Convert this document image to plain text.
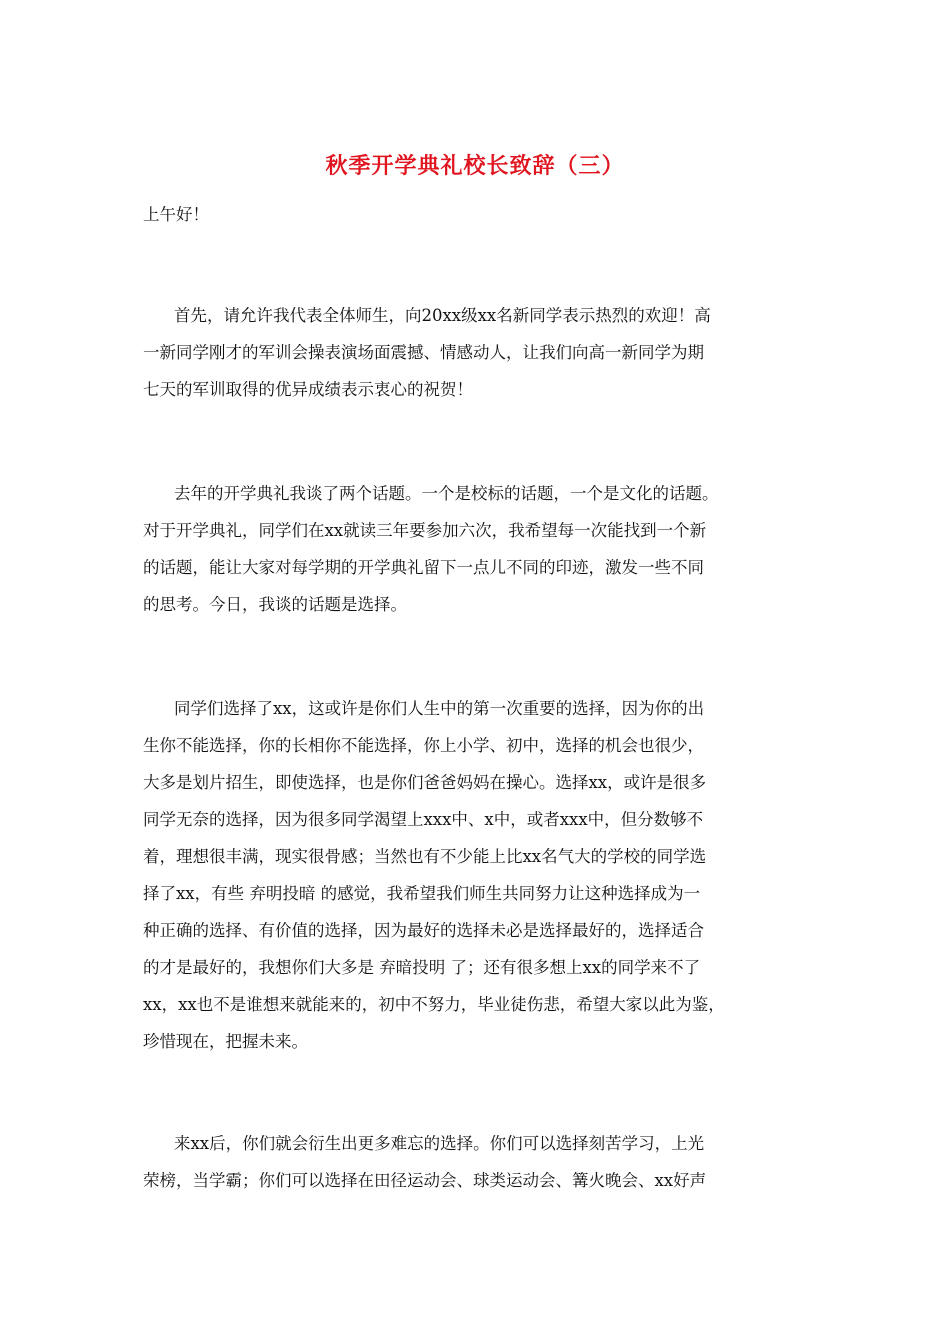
秋季开学典礼校长致辞（三）
上午好！
首先，请允许我代表全体师生，向20xx级xx名新同学表示热烈的欢迎！高
一新同学刚才的军训会操表演场面震撼、情感动人，让我们向高一新同学为期
七天的军训取得的优异成绩表示衷心的祝贺！
去年的开学典礼我谈了两个话题。一个是校标的话题，一个是文化的话题。
对于开学典礼，同学们在xx就读三年要参加六次，我希望每一次能找到一个新
的话题，能让大家对每学期的开学典礼留下一点儿不同的印迹，激发一些不同
的思考。今日，我谈的话题是选择。
同学们选择了xx，这或许是你们人生中的第一次重要的选择，因为你的出
生你不能选择，你的长相你不能选择，你上小学、初中，选择的机会也很少，
大多是划片招生，即使选择，也是你们爸爸妈妈在操心。选择xx，或许是很多
同学无奈的选择，因为很多同学渴望上xxx中、x中，或者xxx中，但分数够不
着，理想很丰满，现实很骨感；当然也有不少能上比xx名气大的学校的同学选
择了xx，有些 弃明投暗 的感觉，我希望我们师生共同努力让这种选择成为一
种正确的选择、有价值的选择，因为最好的选择未必是选择最好的，选择适合
的才是最好的，我想你们大多是 弃暗投明 了；还有很多想上xx的同学来不了
xx，xx也不是谁想来就能来的，初中不努力，毕业徒伤悲，希望大家以此为鉴，
珍惜现在，把握未来。
来xx后，你们就会衍生出更多难忘的选择。你们可以选择刻苦学习，上光
荣榜，当学霸；你们可以选择在田径运动会、球类运动会、篝火晚会、xx好声
